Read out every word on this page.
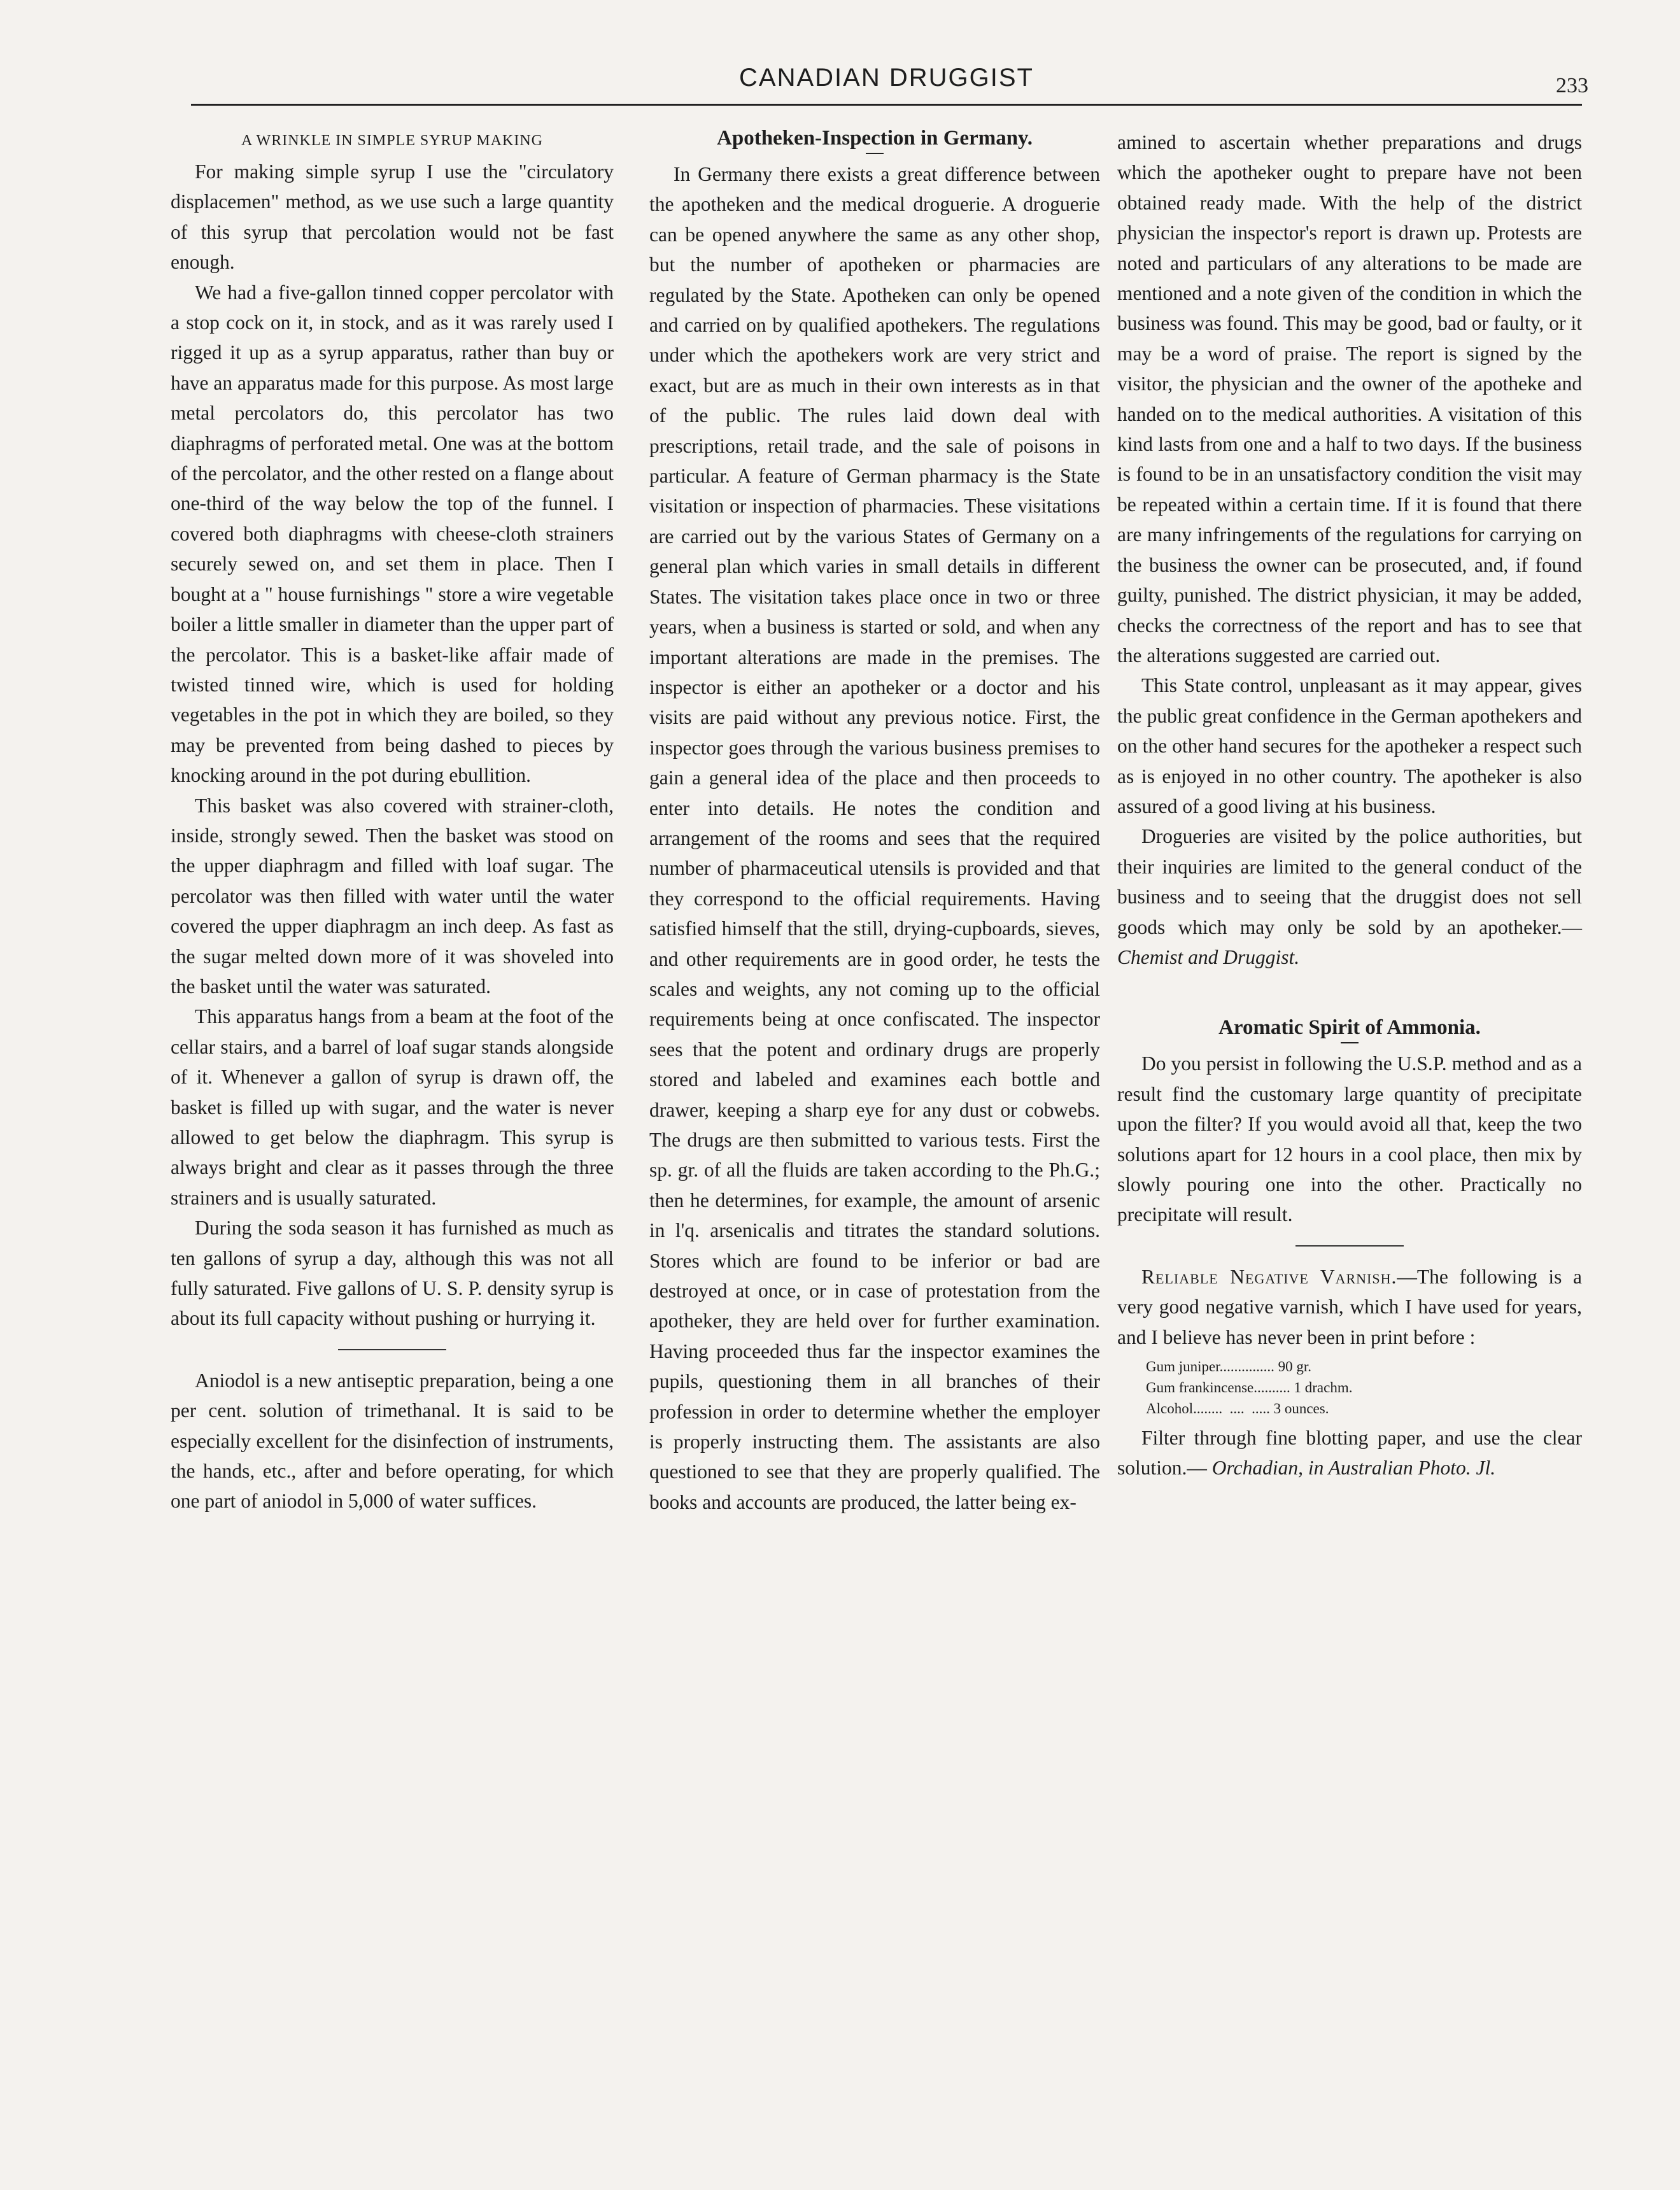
CANADIAN DRUGGIST	233
A WRINKLE IN SIMPLE SYRUP MAKING

For making simple syrup I use the "circulatory displacemen" method, as we use such a large quantity of this syrup that percolation would not be fast enough.

We had a five-gallon tinned copper percolator with a stop cock on it, in stock, and as it was rarely used I rigged it up as a syrup apparatus, rather than buy or have an apparatus made for this purpose. As most large metal percolators do, this percolator has two diaphragms of perforated metal. One was at the bottom of the percolator, and the other rested on a flange about one-third of the way below the top of the funnel. I covered both diaphragms with cheese-cloth strainers securely sewed on, and set them in place. Then I bought at a " house furnishings " store a wire vegetable boiler a little smaller in diameter than the upper part of the percolator. This is a basket-like affair made of twisted tinned wire, which is used for holding vegetables in the pot in which they are boiled, so they may be prevented from being dashed to pieces by knocking around in the pot during ebullition.

This basket was also covered with strainer-cloth, inside, strongly sewed. Then the basket was stood on the upper diaphragm and filled with loaf sugar. The percolator was then filled with water until the water covered the upper diaphragm an inch deep. As fast as the sugar melted down more of it was shoveled into the basket until the water was saturated.

This apparatus hangs from a beam at the foot of the cellar stairs, and a barrel of loaf sugar stands alongside of it. Whenever a gallon of syrup is drawn off, the basket is filled up with sugar, and the water is never allowed to get below the diaphragm. This syrup is always bright and clear as it passes through the three strainers and is usually saturated.

During the soda season it has furnished as much as ten gallons of syrup a day, although this was not all fully saturated. Five gallons of U. S. P. density syrup is about its full capacity without pushing or hurrying it.

Aniodol is a new antiseptic preparation, being a one per cent. solution of trimethanal. It is said to be especially excellent for the disinfection of instruments, the hands, etc., after and before operating, for which one part of aniodol in 5,000 of water suffices.

Apotheken-Inspection in Germany.

In Germany there exists a great difference between the apotheken and the medical droguerie. A droguerie can be opened anywhere the same as any other shop, but the number of apotheken or pharmacies are regulated by the State. Apotheken can only be opened and carried on by qualified apothekers. The regulations under which the apothekers work are very strict and exact, but are as much in their own interests as in that of the public. The rules laid down deal with prescriptions, retail trade, and the sale of poisons in particular. A feature of German pharmacy is the State visitation or inspection of pharmacies. These visitations are carried out by the various States of Germany on a general plan which varies in small details in different States. The visitation takes place once in two or three years, when a business is started or sold, and when any important alterations are made in the premises. The inspector is either an apotheker or a doctor and his visits are paid without any previous notice. First, the inspector goes through the various business premises to gain a general idea of the place and then proceeds to enter into details. He notes the condition and arrangement of the rooms and sees that the required number of pharmaceutical utensils is provided and that they correspond to the official requirements. Having satisfied himself that the still, drying-cupboards, sieves, and other requirements are in good order, he tests the scales and weights, any not coming up to the official requirements being at once confiscated. The inspector sees that the potent and ordinary drugs are properly stored and labeled and examines each bottle and drawer, keeping a sharp eye for any dust or cobwebs. The drugs are then submitted to various tests. First the sp. gr. of all the fluids are taken according to the Ph.G.; then he determines, for example, the amount of arsenic in l'q. arsenicalis and titrates the standard solutions. Stores which are found to be inferior or bad are destroyed at once, or in case of protestation from the apotheker, they are held over for further examination. Having proceeded thus far the inspector examines the pupils, questioning them in all branches of their profession in order to determine whether the employer is properly instructing them. The assistants are also questioned to see that they are properly qualified. The books and accounts are produced, the latter being ex-

amined to ascertain whether preparations and drugs which the apotheker ought to prepare have not been obtained ready made. With the help of the district physician the inspector's report is drawn up. Protests are noted and particulars of any alterations to be made are mentioned and a note given of the condition in which the business was found. This may be good, bad or faulty, or it may be a word of praise. The report is signed by the visitor, the physician and the owner of the apotheke and handed on to the medical authorities. A visitation of this kind lasts from one and a half to two days. If the business is found to be in an unsatisfactory condition the visit may be repeated within a certain time. If it is found that there are many infringements of the regulations for carrying on the business the owner can be prosecuted, and, if found guilty, punished. The district physician, it may be added, checks the correctness of the report and has to see that the alterations suggested are carried out.

This State control, unpleasant as it may appear, gives the public great confidence in the German apothekers and on the other hand secures for the apotheker a respect such as is enjoyed in no other country. The apotheker is also assured of a good living at his business.

Drogueries are visited by the police authorities, but their inquiries are limited to the general conduct of the business and to seeing that the druggist does not sell goods which may only be sold by an apotheker.—Chemist and Druggist.

Aromatic Spirit of Ammonia.

Do you persist in following the U.S.P. method and as a result find the customary large quantity of precipitate upon the filter? If you would avoid all that, keep the two solutions apart for 12 hours in a cool place, then mix by slowly pouring one into the other. Practically no precipitate will result.

Reliable Negative Varnish.—The following is a very good negative varnish, which I have used for years, and I believe has never been in print before :

Gum juniper............... 90 gr.
Gum frankincense.......... 1 drachm.
Alcohol........  ....  ..... 3 ounces.

Filter through fine blotting paper, and use the clear solution.— Orchadian, in Australian Photo. Jl.
